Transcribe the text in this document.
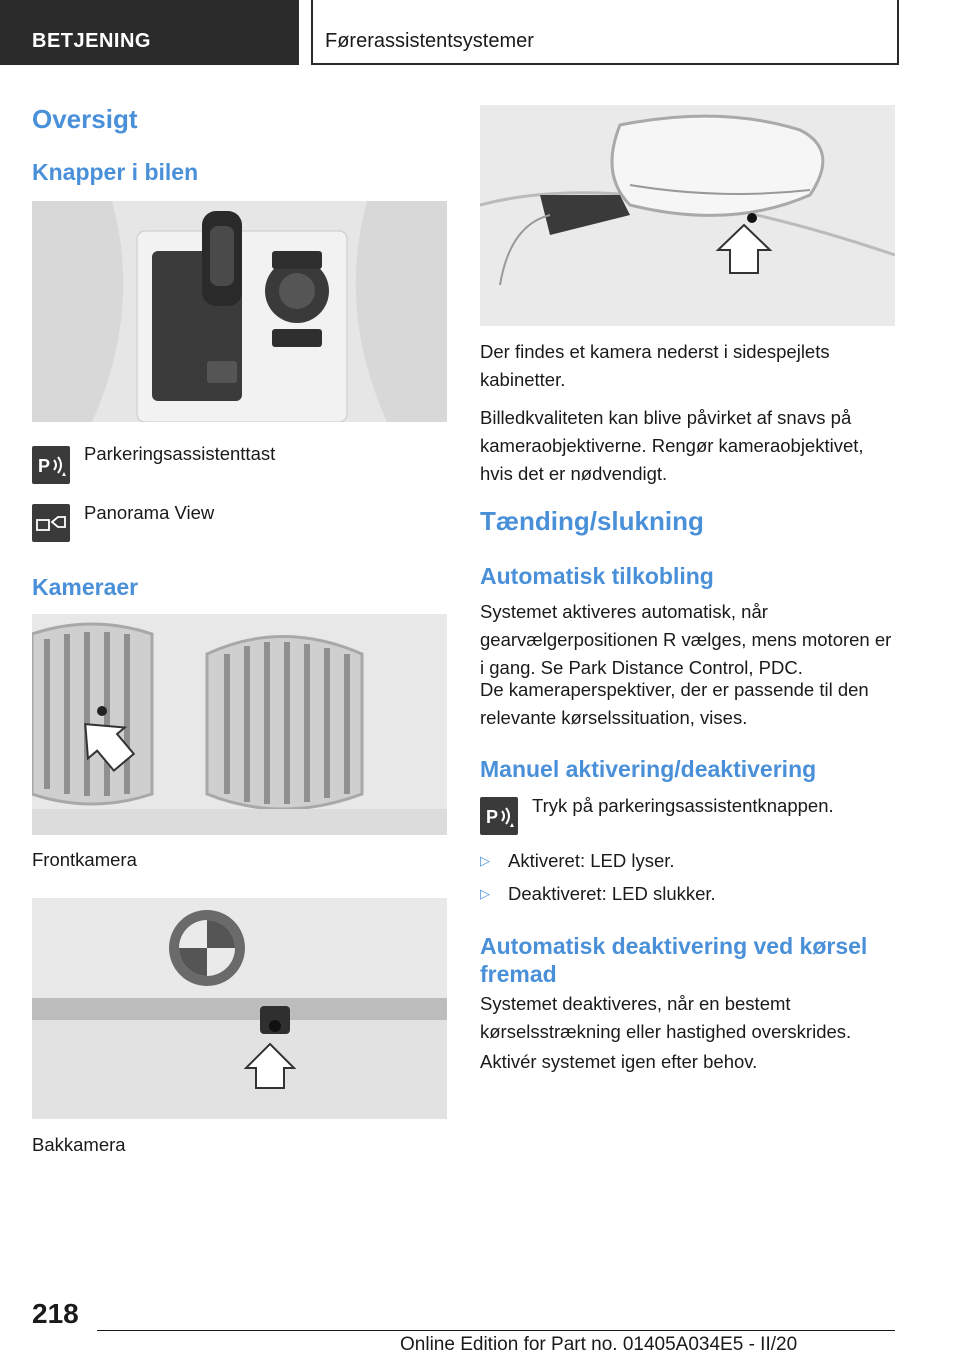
BETJENING	Førerassistentsystemer
Oversigt
Knapper i bilen
P

Parkeringsassistenttast

Panorama View

Kameraer

Frontkamera

Bakkamera

Der findes et kamera nederst i sidespejlets kabinetter.

Billedkvaliteten kan blive påvirket af snavs på kameraobjektiverne. Rengør kameraobjektivet, hvis det er nødvendigt.

Tænding/slukning
Automatisk tilkobling

Systemet aktiveres automatisk, når gearvælgerpositionen R vælges, mens motoren er i gang. Se Park Distance Control, PDC.

De kameraperspektiver, der er passende til den relevante kørselssituation, vises.

Manuel aktivering/deaktivering
P

Tryk på parkeringsassistentknappen.

▷ Aktiveret: LED lyser.
▷ Deaktiveret: LED slukker.
Automatisk deaktivering ved kørsel fremad

Systemet deaktiveres, når en bestemt kørselsstrækning eller hastighed overskrides.

Aktivér systemet igen efter behov.

218
Online Edition for Part no. 01405A034E5 - II/20
